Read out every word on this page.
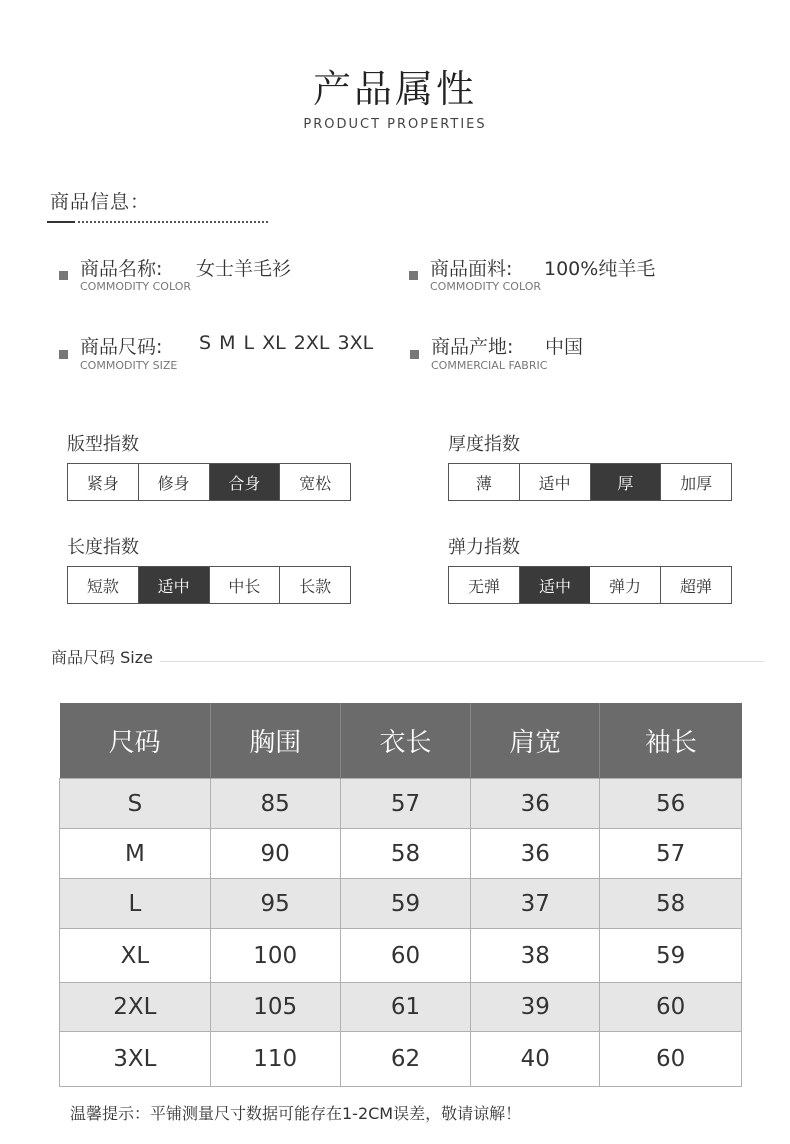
产品属性
PRODUCT PROPERTIES
商品信息：
商品名称:
COMMODITY COLOR
女士羊毛衫	商品面料:
COMMODITY COLOR
100%纯羊毛
商品尺码:
COMMODITY SIZE
S M L XL 2XL 3XL	商品产地:
COMMERCIAL FABRIC
中国
版型指数
紧身	修身	合身	宽松
厚度指数
薄	适中	厚	加厚
长度指数
短款	适中	中长	长款
弹力指数
无弹	适中	弹力	超弹
商品尺码 Size
尺码	胸围	衣长	肩宽	袖长
S	85	57	36	56
M	90	58	36	57
L	95	59	37	58
XL	100	60	38	59
2XL	105	61	39	60
3XL	110	62	40	60
温馨提示：平铺测量尺寸数据可能存在1-2CM误差，敬请谅解！
